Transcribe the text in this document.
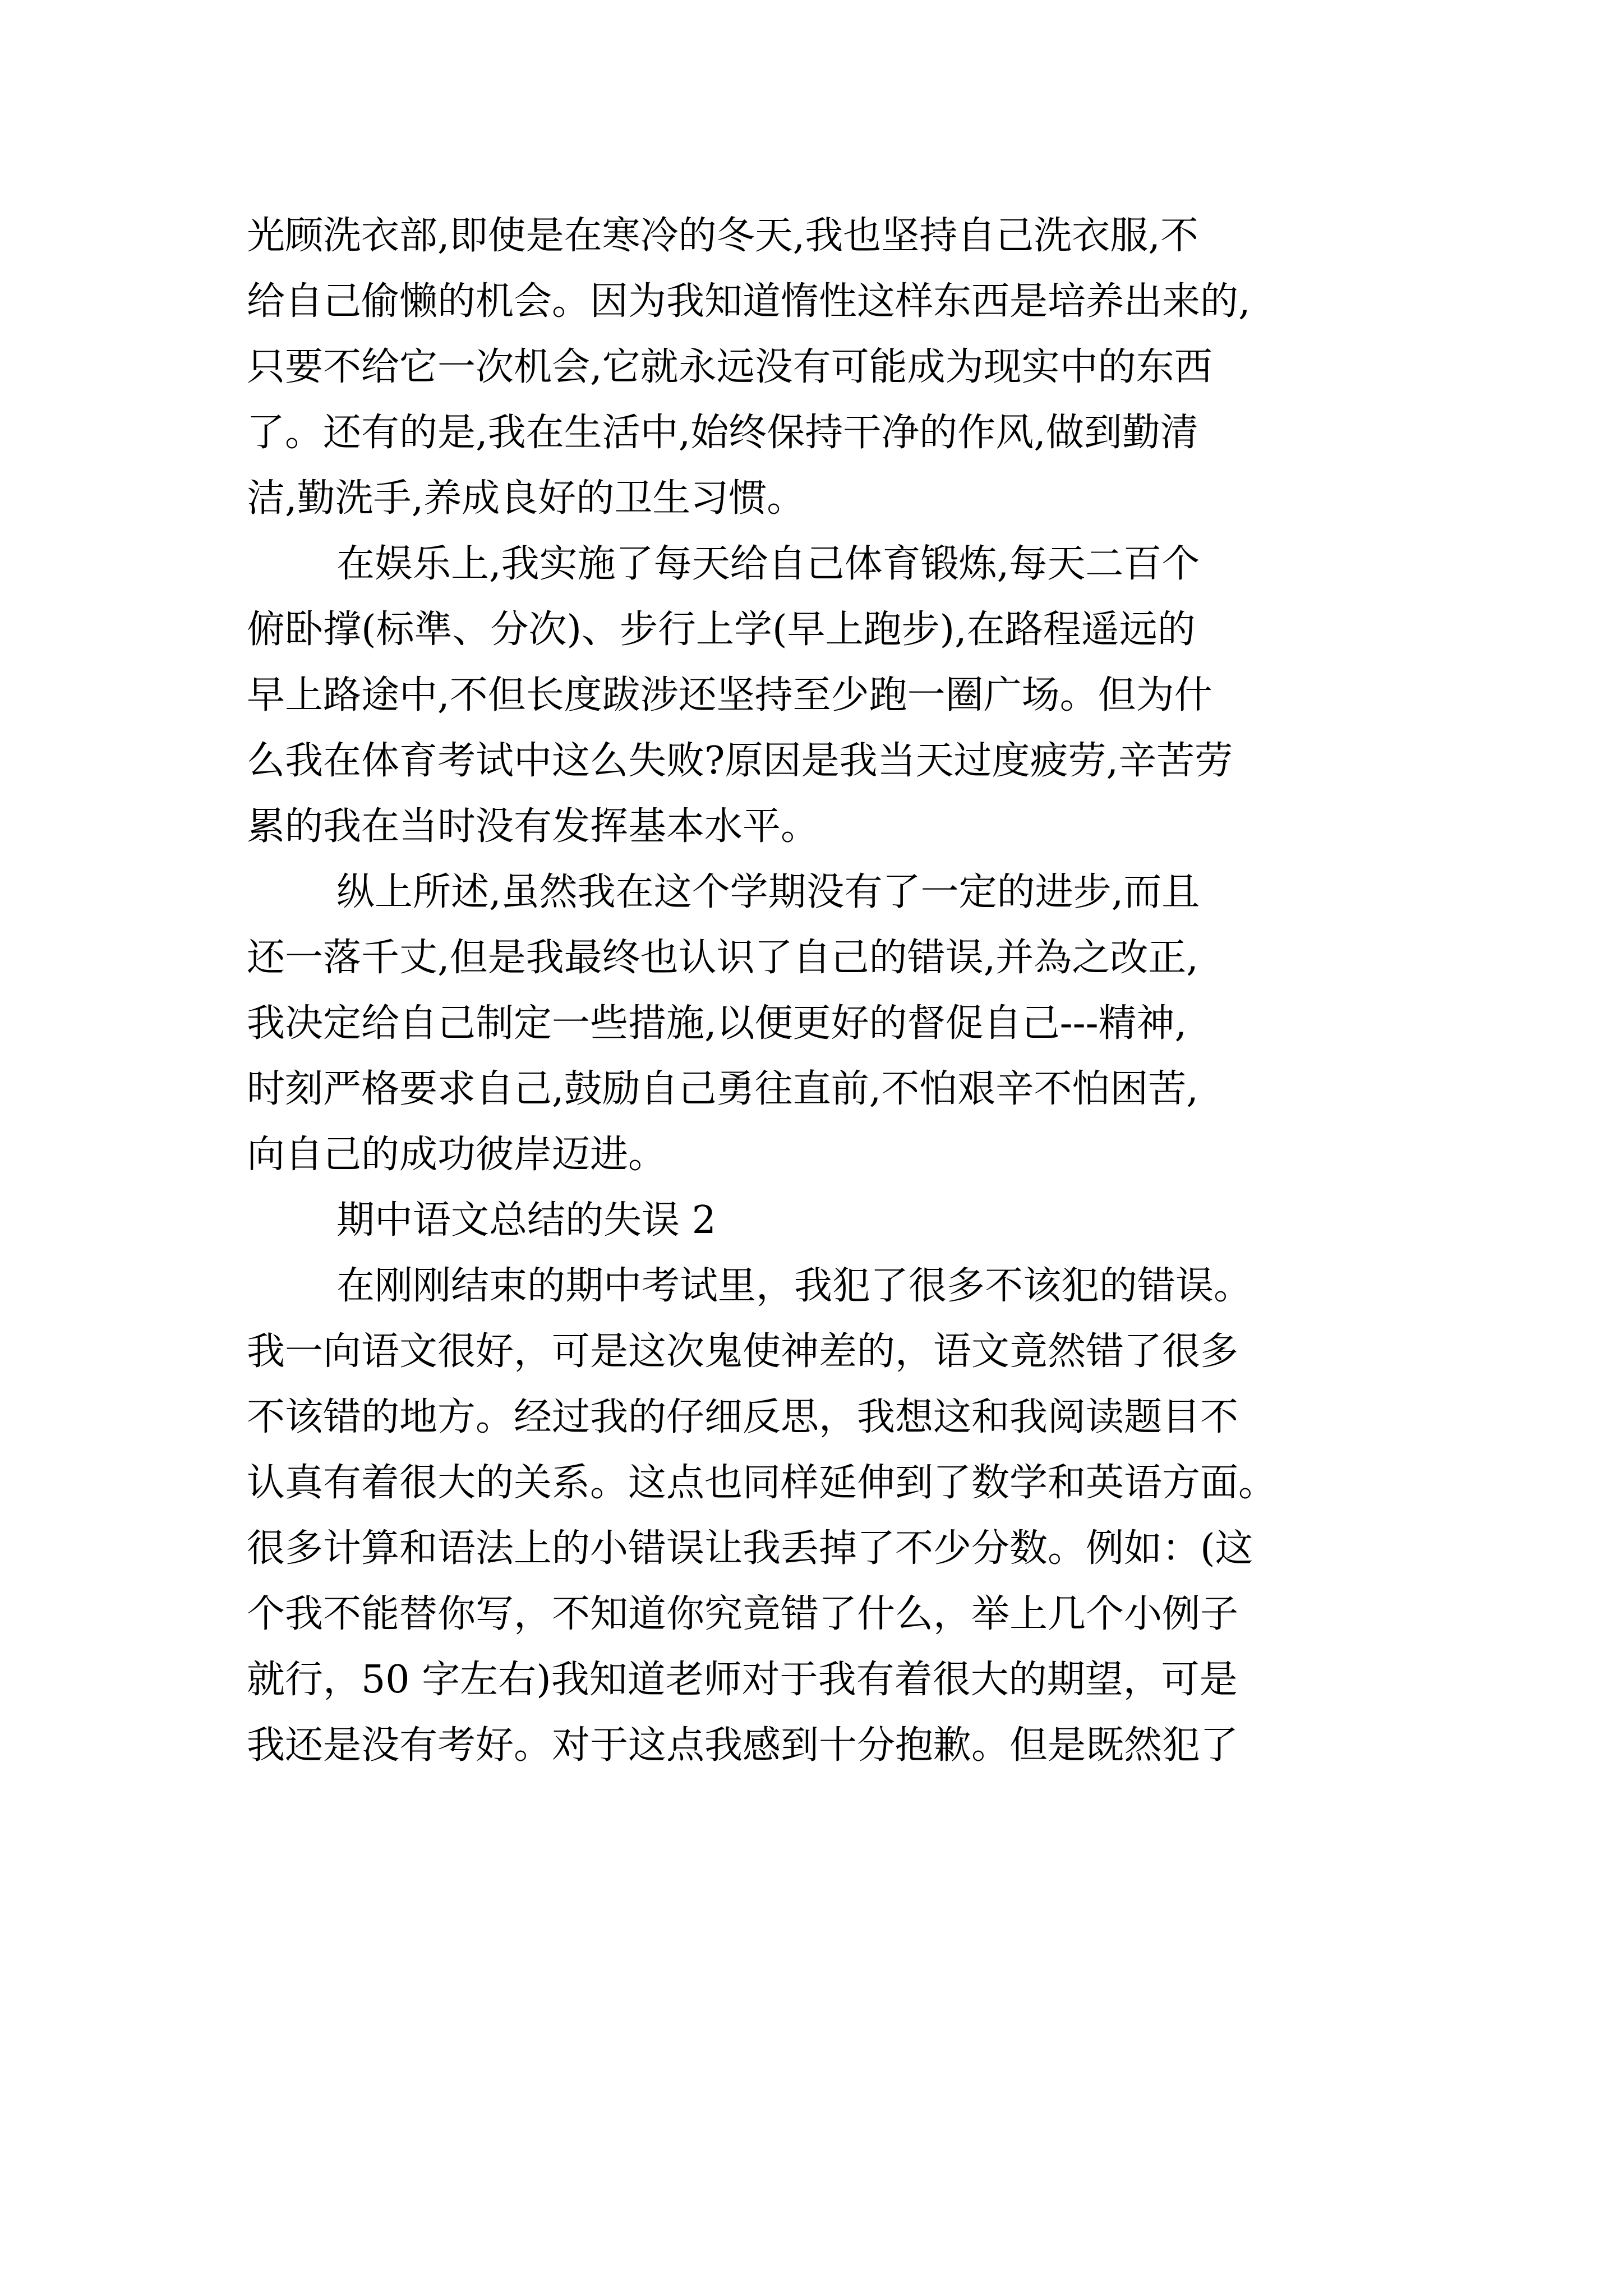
光顾洗衣部,即使是在寒冷的冬天,我也坚持自己洗衣服,不
给自己偷懒的机会。因为我知道惰性这样东西是培养出来的,
只要不给它一次机会,它就永远没有可能成为现实中的东西
了。还有的是,我在生活中,始终保持干净的作风,做到勤清
洁,勤洗手,养成良好的卫生习惯。
在娱乐上,我实施了每天给自己体育锻炼,每天二百个
俯卧撑(标準、分次)、步行上学(早上跑步),在路程遥远的
早上路途中,不但长度跋涉还坚持至少跑一圈广场。但为什
么我在体育考试中这么失败?原因是我当天过度疲劳,辛苦劳
累的我在当时没有发挥基本水平。
纵上所述,虽然我在这个学期没有了一定的进步,而且
还一落千丈,但是我最终也认识了自己的错误,并為之改正,
我决定给自己制定一些措施,以便更好的督促自己---精神,
时刻严格要求自己,鼓励自己勇往直前,不怕艰辛不怕困苦,
向自己的成功彼岸迈进。
期中语文总结的失误 2
在刚刚结束的期中考试里，我犯了很多不该犯的错误。
我一向语文很好，可是这次鬼使神差的，语文竟然错了很多
不该错的地方。经过我的仔细反思，我想这和我阅读题目不
认真有着很大的关系。这点也同样延伸到了数学和英语方面。
很多计算和语法上的小错误让我丢掉了不少分数。例如：(这
个我不能替你写，不知道你究竟错了什么，举上几个小例子
就行，50 字左右)我知道老师对于我有着很大的期望，可是
我还是没有考好。对于这点我感到十分抱歉。但是既然犯了
